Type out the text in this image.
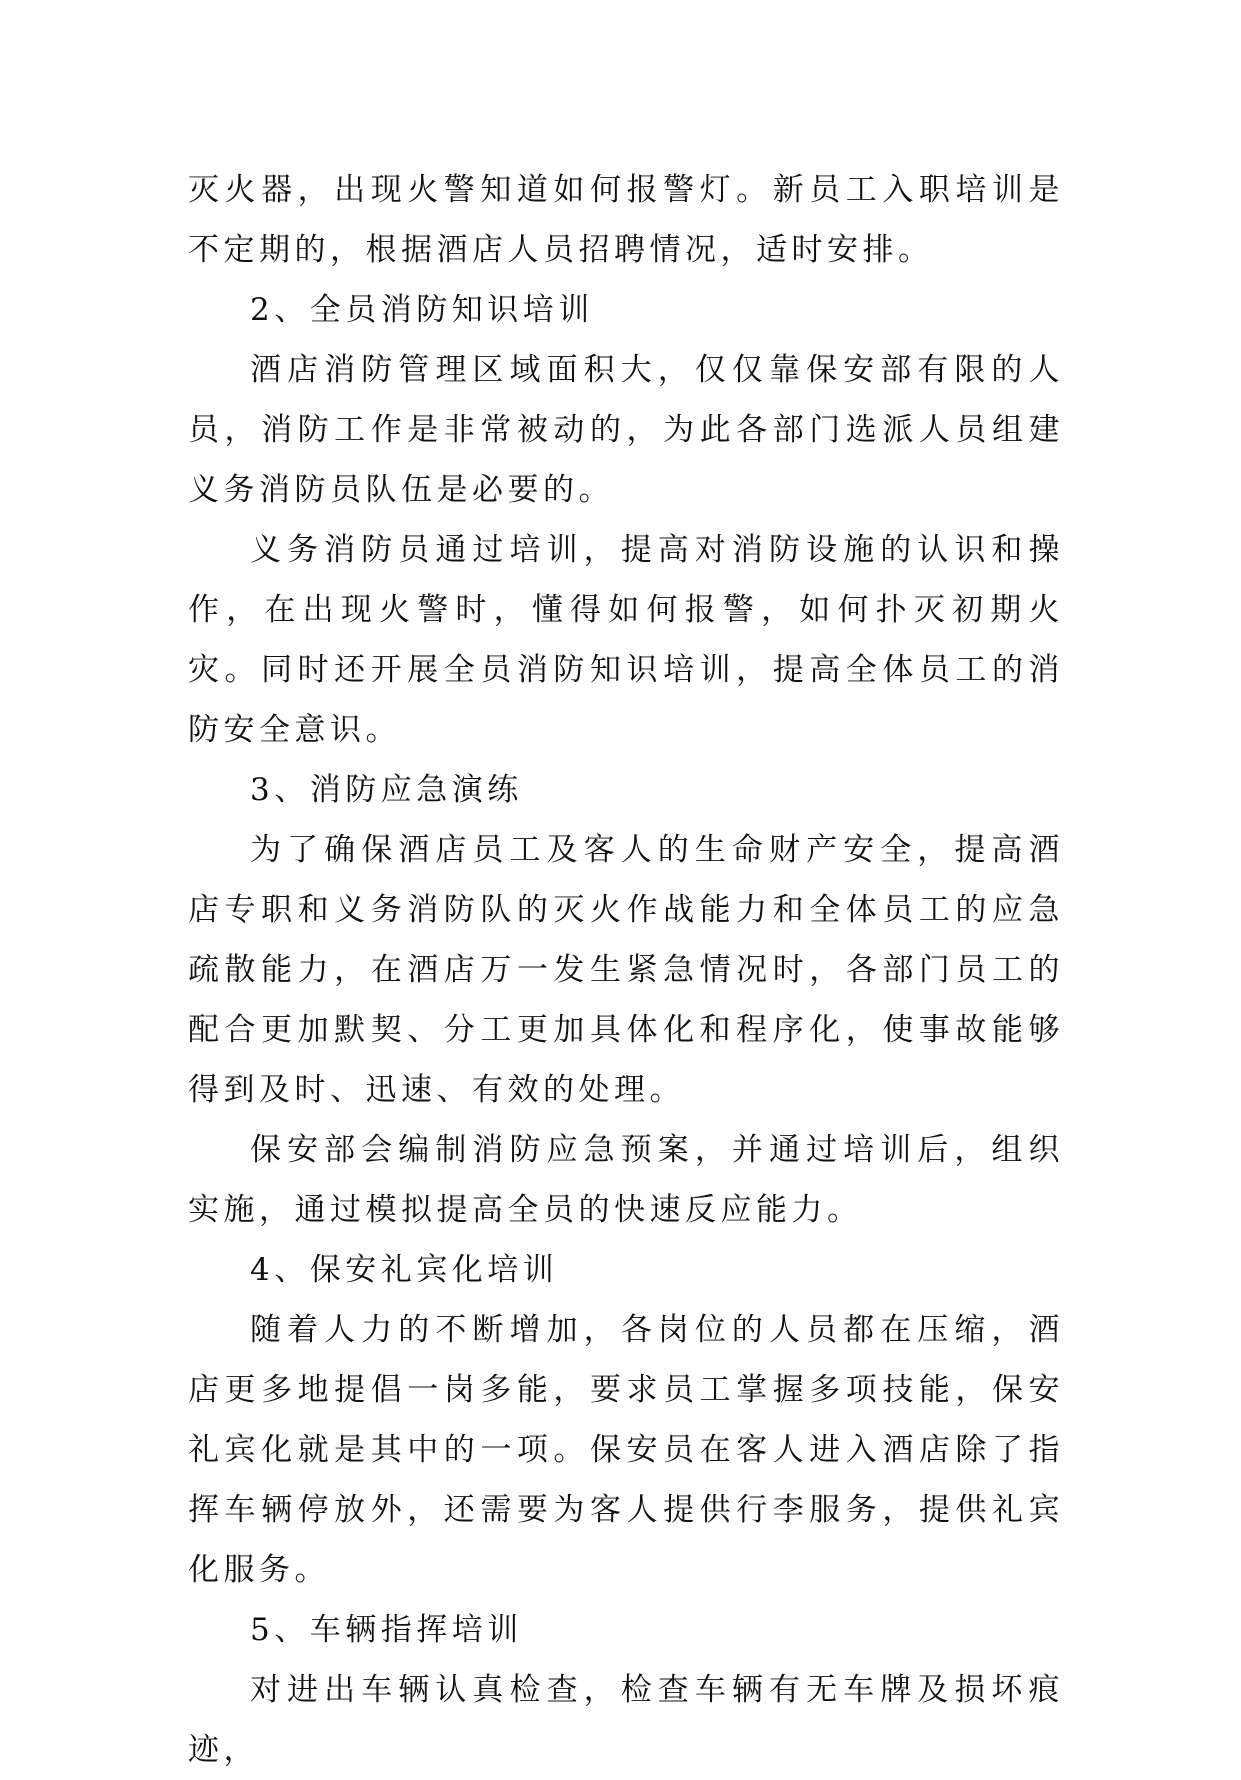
灭火器，出现火警知道如何报警灯。新员工入职培训是不定期的，根据酒店人员招聘情况，适时安排。

2、全员消防知识培训

酒店消防管理区域面积大，仅仅靠保安部有限的人员，消防工作是非常被动的，为此各部门选派人员组建义务消防员队伍是必要的。

义务消防员通过培训，提高对消防设施的认识和操作，在出现火警时，懂得如何报警，如何扑灭初期火灾。同时还开展全员消防知识培训，提高全体员工的消防安全意识。

3、消防应急演练

为了确保酒店员工及客人的生命财产安全，提高酒店专职和义务消防队的灭火作战能力和全体员工的应急疏散能力，在酒店万一发生紧急情况时，各部门员工的配合更加默契、分工更加具体化和程序化，使事故能够得到及时、迅速、有效的处理。

保安部会编制消防应急预案，并通过培训后，组织实施，通过模拟提高全员的快速反应能力。

4、保安礼宾化培训

随着人力的不断增加，各岗位的人员都在压缩，酒店更多地提倡一岗多能，要求员工掌握多项技能，保安礼宾化就是其中的一项。保安员在客人进入酒店除了指挥车辆停放外，还需要为客人提供行李服务，提供礼宾化服务。

5、车辆指挥培训

对进出车辆认真检查，检查车辆有无车牌及损坏痕迹，
